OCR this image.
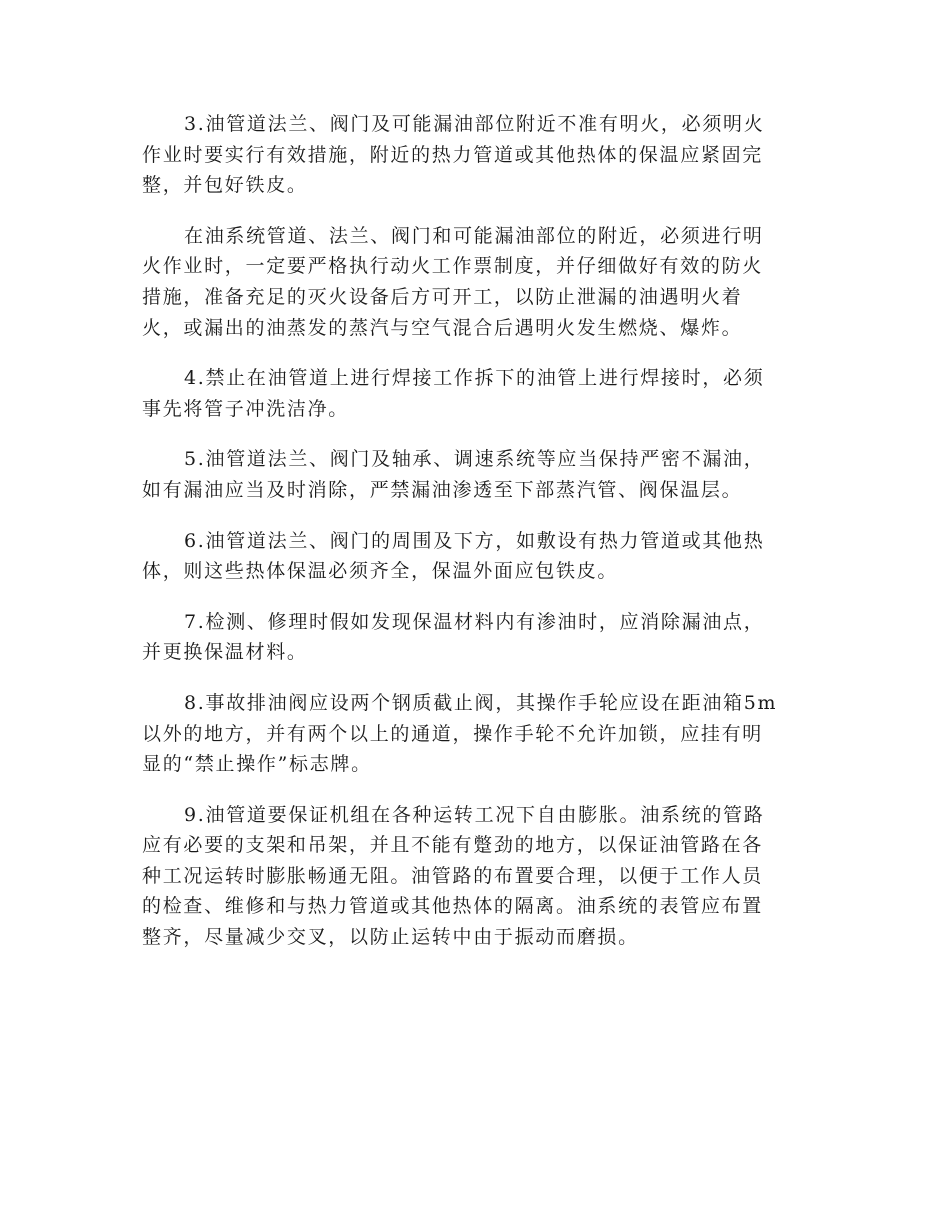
3.油管道法兰、阀门及可能漏油部位附近不准有明火，必须明火
作业时要实行有效措施，附近的热力管道或其他热体的保温应紧固完
整，并包好铁皮。

在油系统管道、法兰、阀门和可能漏油部位的附近，必须进行明
火作业时，一定要严格执行动火工作票制度，并仔细做好有效的防火
措施，准备充足的灭火设备后方可开工，以防止泄漏的油遇明火着
火，或漏出的油蒸发的蒸汽与空气混合后遇明火发生燃烧、爆炸。

4.禁止在油管道上进行焊接工作拆下的油管上进行焊接时，必须
事先将管子冲洗洁净。

5.油管道法兰、阀门及轴承、调速系统等应当保持严密不漏油，
如有漏油应当及时消除，严禁漏油渗透至下部蒸汽管、阀保温层。

6.油管道法兰、阀门的周围及下方，如敷设有热力管道或其他热
体，则这些热体保温必须齐全，保温外面应包铁皮。

7.检测、修理时假如发现保温材料内有渗油时，应消除漏油点，
并更换保温材料。

8.事故排油阀应设两个钢质截止阀，其操作手轮应设在距油箱5m
以外的地方，并有两个以上的通道，操作手轮不允许加锁，应挂有明
显的“禁止操作”标志牌。

9.油管道要保证机组在各种运转工况下自由膨胀。油系统的管路
应有必要的支架和吊架，并且不能有蹩劲的地方，以保证油管路在各
种工况运转时膨胀畅通无阻。油管路的布置要合理，以便于工作人员
的检查、维修和与热力管道或其他热体的隔离。油系统的表管应布置
整齐，尽量减少交叉，以防止运转中由于振动而磨损。
